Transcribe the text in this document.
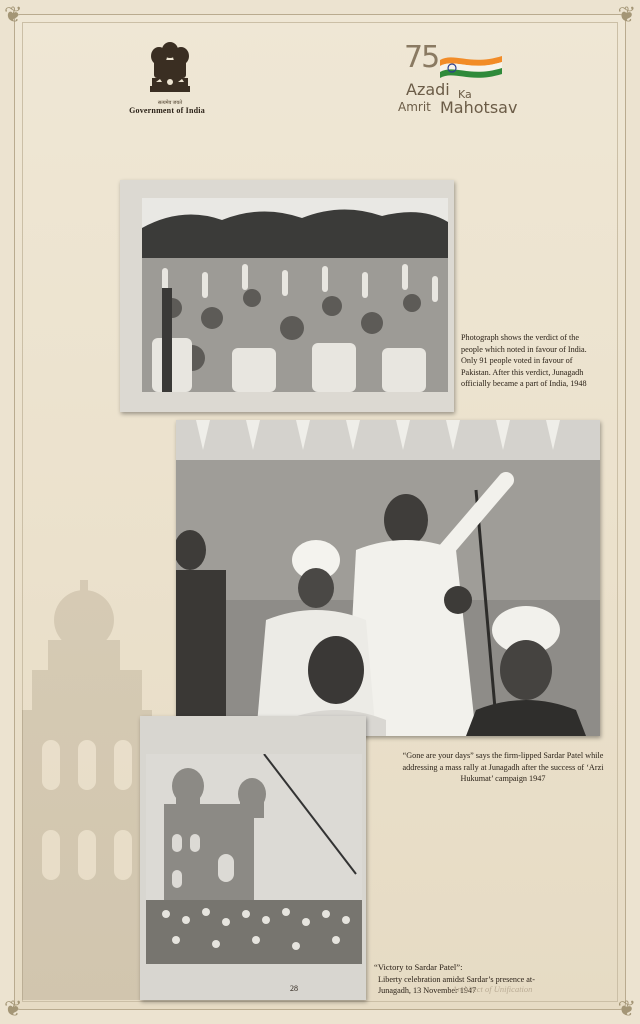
❦	❦
❦	❦
सत्यमेव जयते
Government of India
75
Azadi Ka
Amrit Mahotsav
Photograph shows the verdict of the people which noted in favour of India. Only 91 people voted in favour of Pakistan. After this verdict, Junagadh officially became a part of India, 1948
“Gone are your days” says the firm-lipped Sardar Patel while addressing a mass rally at Junagadh after the success of ‘Arzi Hukumat’ campaign 1947
“Victory to Sardar Patel”:
Liberty celebration amidst Sardar’s presence at-
Junagadh, 13 November 1947
Architect of Unification
28
